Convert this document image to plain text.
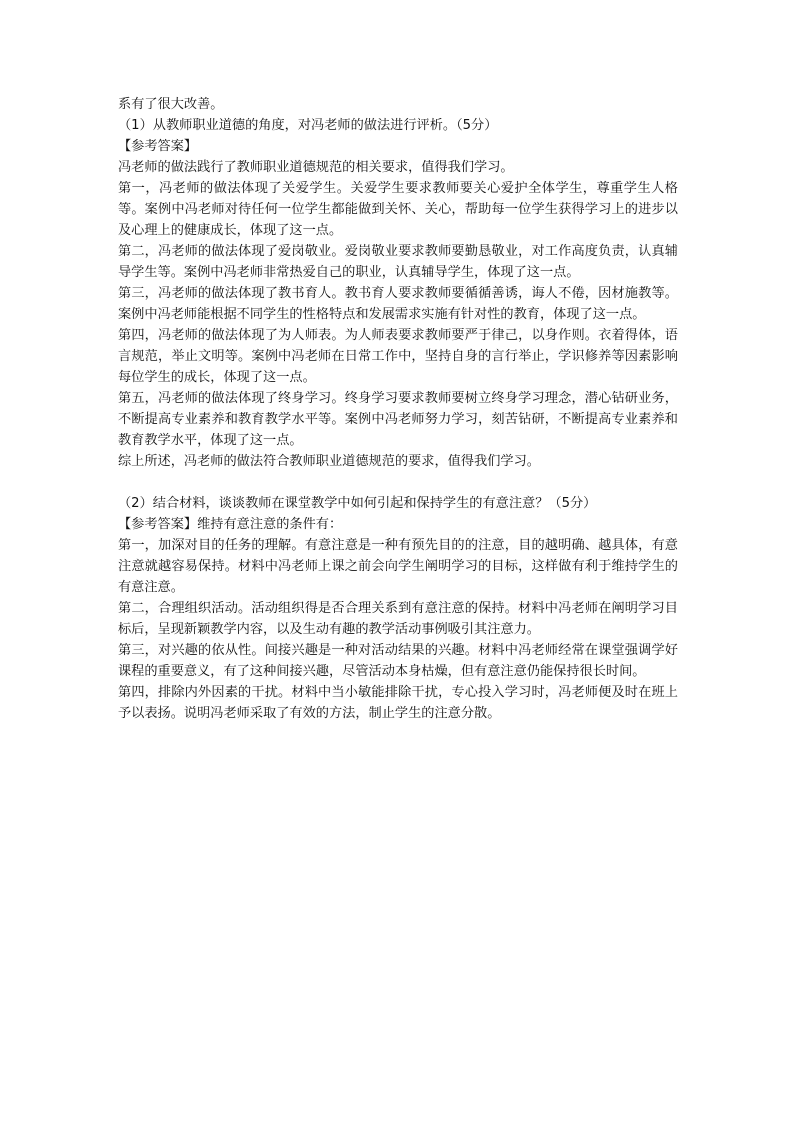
系有了很大改善。

（1）从教师职业道德的角度，对冯老师的做法进行评析。（5分）

【参考答案】

冯老师的做法践行了教师职业道德规范的相关要求，值得我们学习。

第一，冯老师的做法体现了关爱学生。关爱学生要求教师要关心爱护全体学生，尊重学生人格等。案例中冯老师对待任何一位学生都能做到关怀、关心，帮助每一位学生获得学习上的进步以及心理上的健康成长，体现了这一点。

第二，冯老师的做法体现了爱岗敬业。爱岗敬业要求教师要勤恳敬业，对工作高度负责，认真辅导学生等。案例中冯老师非常热爱自己的职业，认真辅导学生，体现了这一点。

第三，冯老师的做法体现了教书育人。教书育人要求教师要循循善诱，诲人不倦，因材施教等。案例中冯老师能根据不同学生的性格特点和发展需求实施有针对性的教育，体现了这一点。

第四，冯老师的做法体现了为人师表。为人师表要求教师要严于律己，以身作则。衣着得体，语言规范，举止文明等。案例中冯老师在日常工作中，坚持自身的言行举止，学识修养等因素影响每位学生的成长，体现了这一点。

第五，冯老师的做法体现了终身学习。终身学习要求教师要树立终身学习理念，潜心钻研业务，不断提高专业素养和教育教学水平等。案例中冯老师努力学习，刻苦钻研，不断提高专业素养和教育教学水平，体现了这一点。

综上所述，冯老师的做法符合教师职业道德规范的要求，值得我们学习。

（2）结合材料，谈谈教师在课堂教学中如何引起和保持学生的有意注意？（5分）

【参考答案】维持有意注意的条件有：

第一，加深对目的任务的理解。有意注意是一种有预先目的的注意，目的越明确、越具体，有意注意就越容易保持。材料中冯老师上课之前会向学生阐明学习的目标，这样做有利于维持学生的有意注意。

第二，合理组织活动。活动组织得是否合理关系到有意注意的保持。材料中冯老师在阐明学习目标后，呈现新颖教学内容，以及生动有趣的教学活动事例吸引其注意力。

第三，对兴趣的依从性。间接兴趣是一种对活动结果的兴趣。材料中冯老师经常在课堂强调学好课程的重要意义，有了这种间接兴趣，尽管活动本身枯燥，但有意注意仍能保持很长时间。

第四，排除内外因素的干扰。材料中当小敏能排除干扰，专心投入学习时，冯老师便及时在班上予以表扬。说明冯老师采取了有效的方法，制止学生的注意分散。
